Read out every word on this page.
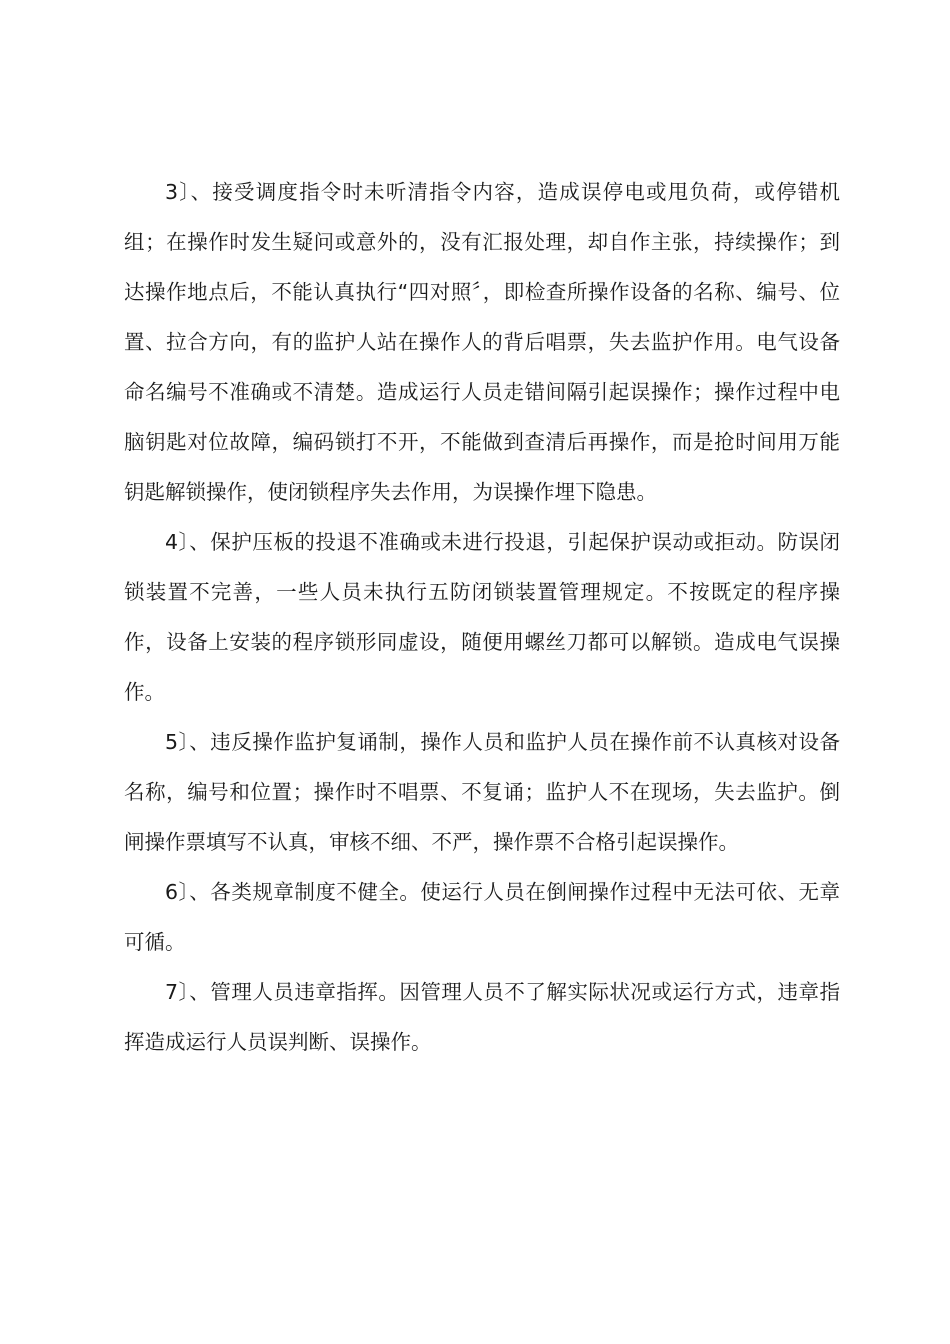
3〕、接受调度指令时未听清指令内容，造成误停电或甩负荷，或停错机组；在操作时发生疑问或意外的，没有汇报处理，却自作主张，持续操作；到达操作地点后，不能认真执行“四对照〞，即检查所操作设备的名称、编号、位置、拉合方向，有的监护人站在操作人的背后唱票，失去监护作用。电气设备命名编号不准确或不清楚。造成运行人员走错间隔引起误操作；操作过程中电脑钥匙对位故障，编码锁打不开，不能做到查清后再操作，而是抢时间用万能钥匙解锁操作，使闭锁程序失去作用，为误操作埋下隐患。

4〕、保护压板的投退不准确或未进行投退，引起保护误动或拒动。防误闭锁装置不完善，一些人员未执行五防闭锁装置管理规定。不按既定的程序操作，设备上安装的程序锁形同虚设，随便用螺丝刀都可以解锁。造成电气误操作。

5〕、违反操作监护复诵制，操作人员和监护人员在操作前不认真核对设备名称，编号和位置；操作时不唱票、不复诵；监护人不在现场，失去监护。倒闸操作票填写不认真，审核不细、不严，操作票不合格引起误操作。

6〕、各类规章制度不健全。使运行人员在倒闸操作过程中无法可依、无章可循。

7〕、管理人员违章指挥。因管理人员不了解实际状况或运行方式，违章指挥造成运行人员误判断、误操作。
